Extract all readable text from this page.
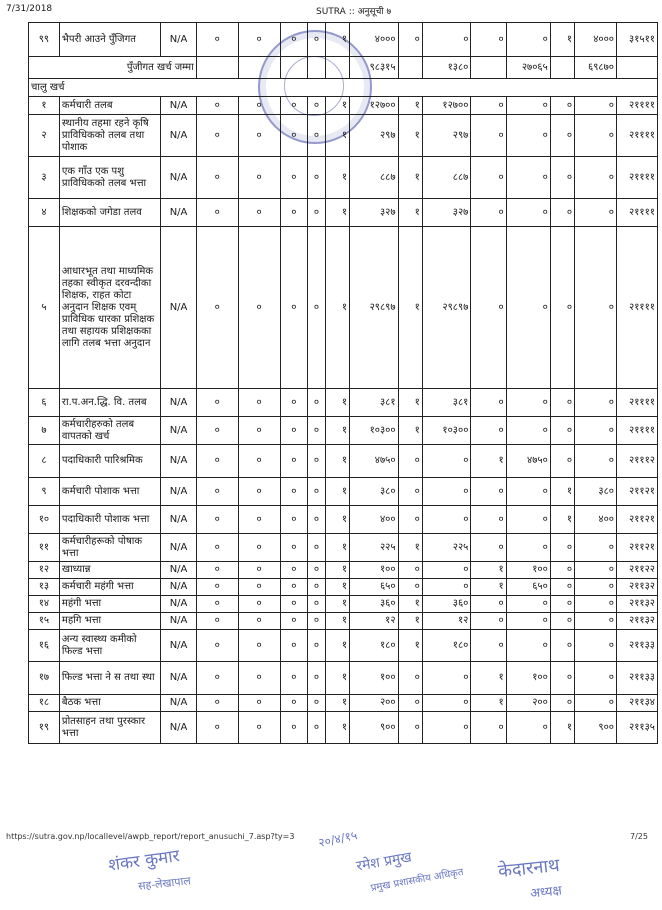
7/31/2018	SUTRA :: अनुसूची ७
९९	भैपरी आउने पुँजिगत	N/A	०	०	०	०	१	४०००	०	०	०	०	१	४०००	३१५११
पुँजीगत खर्च जम्मा								९८३१५		१३८०		२७०६५		६९८७०	
चालु खर्च															
१	कर्मचारी तलब	N/A	०	०	०	०	१	१२७००	१	१२७००	०	०	०	०	२११११
२	स्थानीय तहमा रहने कृषि प्राविधिकको तलब तथा पोशाक	N/A	०	०	०	०	१	२९७	१	२९७	०	०	०	०	२११११
३	एक गाँउ एक पशु प्राविधिकको तलब भत्ता	N/A	०	०	०	०	१	८८७	१	८८७	०	०	०	०	२११११
४	शिक्षकको जगेडा तलव	N/A	०	०	०	०	१	३२७	१	३२७	०	०	०	०	२११११
५	आधारभूत तथा माध्यमिक तहका स्वीकृत दरवन्दीका शिक्षक, राहत कोटा अनुदान शिक्षक एवम् प्राविधिक धारका प्रशिक्षक तथा सहायक प्रशिक्षकका लागि तलब भत्ता अनुदान	N/A	०	०	०	०	१	२९८९७	१	२९८९७	०	०	०	०	२११११
६	रा.प.अन.द्धि. वि. तलब	N/A	०	०	०	०	१	३८१	१	३८१	०	०	०	०	२११११
७	कर्मचारीहरुको तलब वापतको खर्च	N/A	०	०	०	०	१	१०३००	१	१०३००	०	०	०	०	२११११
८	पदाधिकारी पारिश्रमिक	N/A	०	०	०	०	१	४७५०	०	०	१	४७५०	०	०	२१११२
९	कर्मचारी पोशाक भत्ता	N/A	०	०	०	०	१	३८०	०	०	०	०	१	३८०	२११२१
१०	पदाधिकारी पोशाक भत्ता	N/A	०	०	०	०	१	४००	०	०	०	०	१	४००	२११२१
११	कर्मचारीहरूको पोषाक भत्ता	N/A	०	०	०	०	१	२२५	१	२२५	०	०	०	०	२११२१
१२	खाध्यान्न	N/A	०	०	०	०	१	१००	०	०	१	१००	०	०	२११२२
१३	कर्मचारी महंगी भत्ता	N/A	०	०	०	०	१	६५०	०	०	१	६५०	०	०	२११३२
१४	महंगी भत्ता	N/A	०	०	०	०	१	३६०	१	३६०	०	०	०	०	२११३२
१५	महगि भत्ता	N/A	०	०	०	०	१	१२	१	१२	०	०	०	०	२११३२
१६	अन्य स्वास्थ्य कमीको फिल्ड भत्ता	N/A	०	०	०	०	१	१८०	१	१८०	०	०	०	०	२११३३
१७	फिल्ड भत्ता ने स तथा स्था	N/A	०	०	०	०	१	१००	०	०	१	१००	०	०	२११३३
१८	बैठक भत्ता	N/A	०	०	०	०	१	२००	०	०	१	२००	०	०	२११३४
१९	प्रोतसाहन तथा पुरस्कार भत्ता	N/A	०	०	०	०	१	९००	०	०	०	०	१	९००	२११३५
https://sutra.gov.np/locallevel/awpb_report/report_anusuchi_7.asp?ty=3	7/25
शंकर कुमार
सह-लेखापाल
२०/४/१५
रमेश प्रमुख
प्रमुख प्रशासकीय अधिकृत केदारनाथ
अध्यक्ष
